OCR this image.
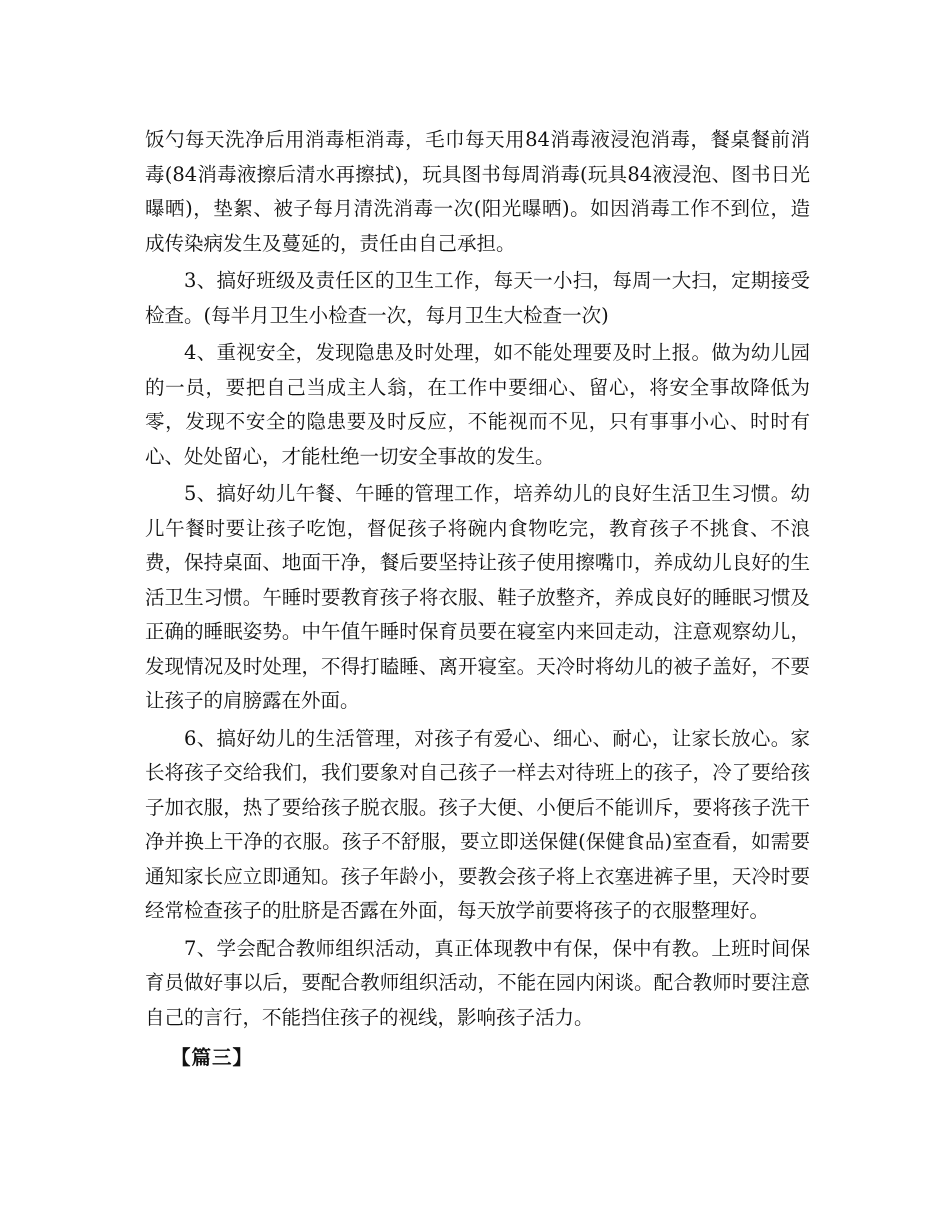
饭勺每天洗净后用消毒柜消毒，毛巾每天用84消毒液浸泡消毒，餐桌餐前消毒(84消毒液擦后清水再擦拭)，玩具图书每周消毒(玩具84液浸泡、图书日光曝晒)，垫絮、被子每月清洗消毒一次(阳光曝晒)。如因消毒工作不到位，造成传染病发生及蔓延的，责任由自己承担。

3、搞好班级及责任区的卫生工作，每天一小扫，每周一大扫，定期接受检查。(每半月卫生小检查一次，每月卫生大检查一次)

4、重视安全，发现隐患及时处理，如不能处理要及时上报。做为幼儿园的一员，要把自己当成主人翁，在工作中要细心、留心，将安全事故降低为零，发现不安全的隐患要及时反应，不能视而不见，只有事事小心、时时有心、处处留心，才能杜绝一切安全事故的发生。

5、搞好幼儿午餐、午睡的管理工作，培养幼儿的良好生活卫生习惯。幼儿午餐时要让孩子吃饱，督促孩子将碗内食物吃完，教育孩子不挑食、不浪费，保持桌面、地面干净，餐后要坚持让孩子使用擦嘴巾，养成幼儿良好的生活卫生习惯。午睡时要教育孩子将衣服、鞋子放整齐，养成良好的睡眠习惯及正确的睡眠姿势。中午值午睡时保育员要在寝室内来回走动，注意观察幼儿，发现情况及时处理，不得打瞌睡、离开寝室。天冷时将幼儿的被子盖好，不要让孩子的肩膀露在外面。

6、搞好幼儿的生活管理，对孩子有爱心、细心、耐心，让家长放心。家长将孩子交给我们，我们要象对自己孩子一样去对待班上的孩子，冷了要给孩子加衣服，热了要给孩子脱衣服。孩子大便、小便后不能训斥，要将孩子洗干净并换上干净的衣服。孩子不舒服，要立即送保健(保健食品)室查看，如需要通知家长应立即通知。孩子年龄小，要教会孩子将上衣塞进裤子里，天冷时要经常检查孩子的肚脐是否露在外面，每天放学前要将孩子的衣服整理好。

7、学会配合教师组织活动，真正体现教中有保，保中有教。上班时间保育员做好事以后，要配合教师组织活动，不能在园内闲谈。配合教师时要注意自己的言行，不能挡住孩子的视线，影响孩子活力。

【篇三】
